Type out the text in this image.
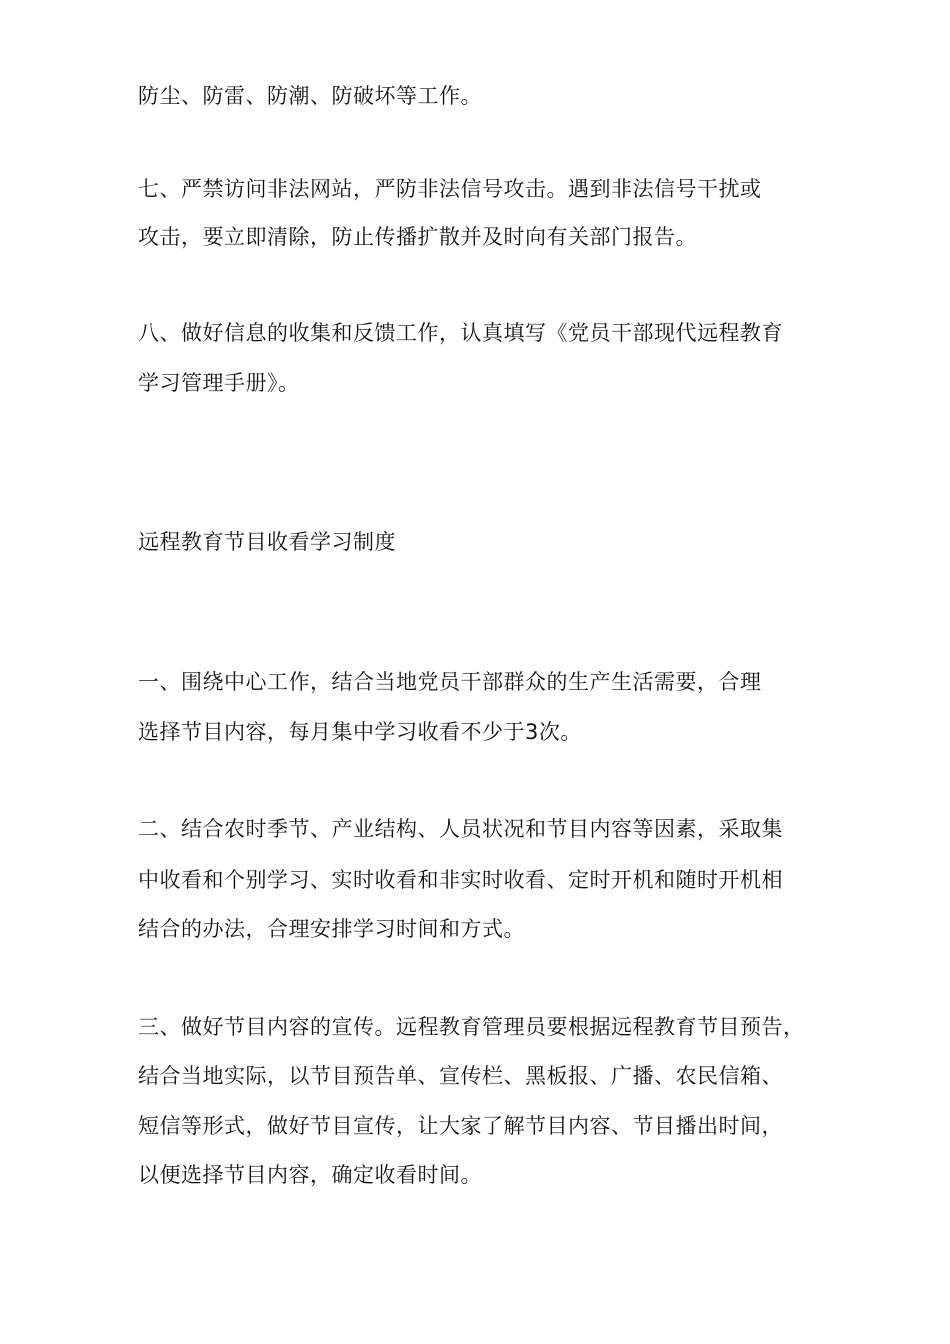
防尘、防雷、防潮、防破坏等工作。
七、严禁访问非法网站，严防非法信号攻击。遇到非法信号干扰或
攻击，要立即清除，防止传播扩散并及时向有关部门报告。
八、做好信息的收集和反馈工作，认真填写《党员干部现代远程教育
学习管理手册》。
远程教育节目收看学习制度
一、围绕中心工作，结合当地党员干部群众的生产生活需要，合理
选择节目内容，每月集中学习收看不少于3次。
二、结合农时季节、产业结构、人员状况和节目内容等因素，采取集
中收看和个别学习、实时收看和非实时收看、定时开机和随时开机相
结合的办法，合理安排学习时间和方式。
三、做好节目内容的宣传。远程教育管理员要根据远程教育节目预告，
结合当地实际，以节目预告单、宣传栏、黑板报、广播、农民信箱、
短信等形式，做好节目宣传，让大家了解节目内容、节目播出时间，
以便选择节目内容，确定收看时间。
